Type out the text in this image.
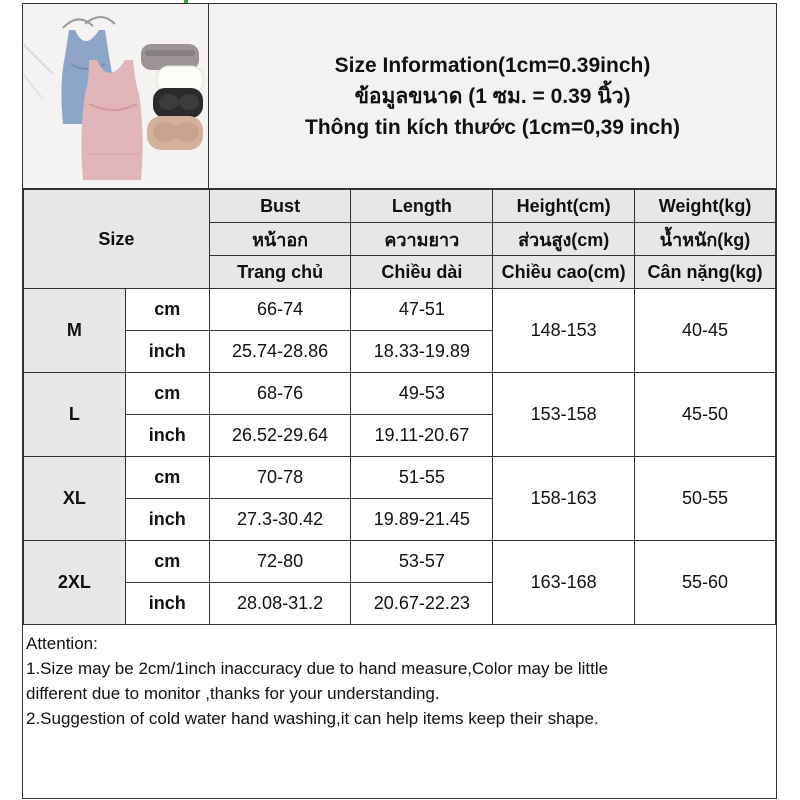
Size Information(1cm=0.39inch)
ข้อมูลขนาด (1 ซม. = 0.39 นิ้ว)
Thông tin kích thước (1cm=0,39 inch)
Size		Bust	Length	Height(cm)	Weight(kg)
		หน้าอก	ความยาว	ส่วนสูง(cm)	น้ำหนัก(kg)
		Trang chủ	Chiều dài	Chiều cao(cm)	Cân nặng(kg)
M	cm	66-74	47-51	148-153	40-45
	inch	25.74-28.86	18.33-19.89		
L	cm	68-76	49-53	153-158	45-50
	inch	26.52-29.64	19.11-20.67		
XL	cm	70-78	51-55	158-163	50-55
	inch	27.3-30.42	19.89-21.45		
2XL	cm	72-80	53-57	163-168	55-60
	inch	28.08-31.2	20.67-22.23		
Attention:
1.Size may be 2cm/1inch inaccuracy due to hand measure,Color may be little
different due to monitor ,thanks for your understanding.
2.Suggestion of cold water hand washing,it can help items keep their shape.
